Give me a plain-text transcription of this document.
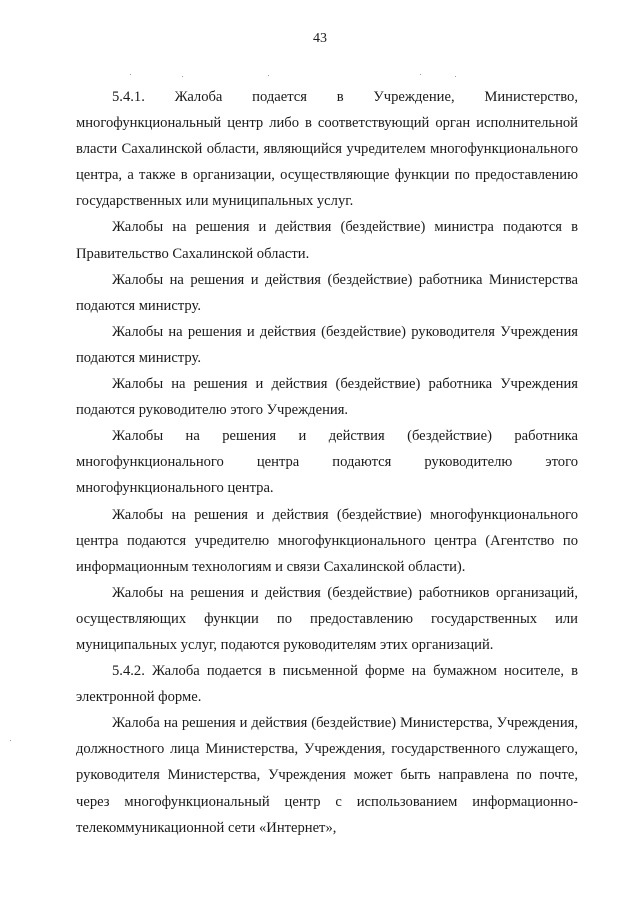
43

5.4.1. Жалоба подается в Учреждение, Министерство, многофункциональный центр либо в соответствующий орган исполнительной власти Сахалинской области, являющийся учредителем многофункционального центра, а также в организации, осуществляющие функции по предоставлению государственных или муниципальных услуг.

Жалобы на решения и действия (бездействие) министра подаются в Правительство Сахалинской области.

Жалобы на решения и действия (бездействие) работника Министерства подаются министру.

Жалобы на решения и действия (бездействие) руководителя Учреждения подаются министру.

Жалобы на решения и действия (бездействие) работника Учреждения подаются руководителю этого Учреждения.

Жалобы на решения и действия (бездействие) работника многофункционального центра подаются руководителю этого многофункционального центра.

Жалобы на решения и действия (бездействие) многофункционального центра подаются учредителю многофункционального центра (Агентство по информационным технологиям и связи Сахалинской области).

Жалобы на решения и действия (бездействие) работников организаций, осуществляющих функции по предоставлению государственных или муниципальных услуг, подаются руководителям этих организаций.

5.4.2. Жалоба подается в письменной форме на бумажном носителе, в электронной форме.

Жалоба на решения и действия (бездействие) Министерства, Учреждения, должностного лица Министерства, Учреждения, государственного служащего, руководителя Министерства, Учреждения может быть направлена по почте, через многофункциональный центр с использованием информационно-телекоммуникационной сети «Интернет»,
